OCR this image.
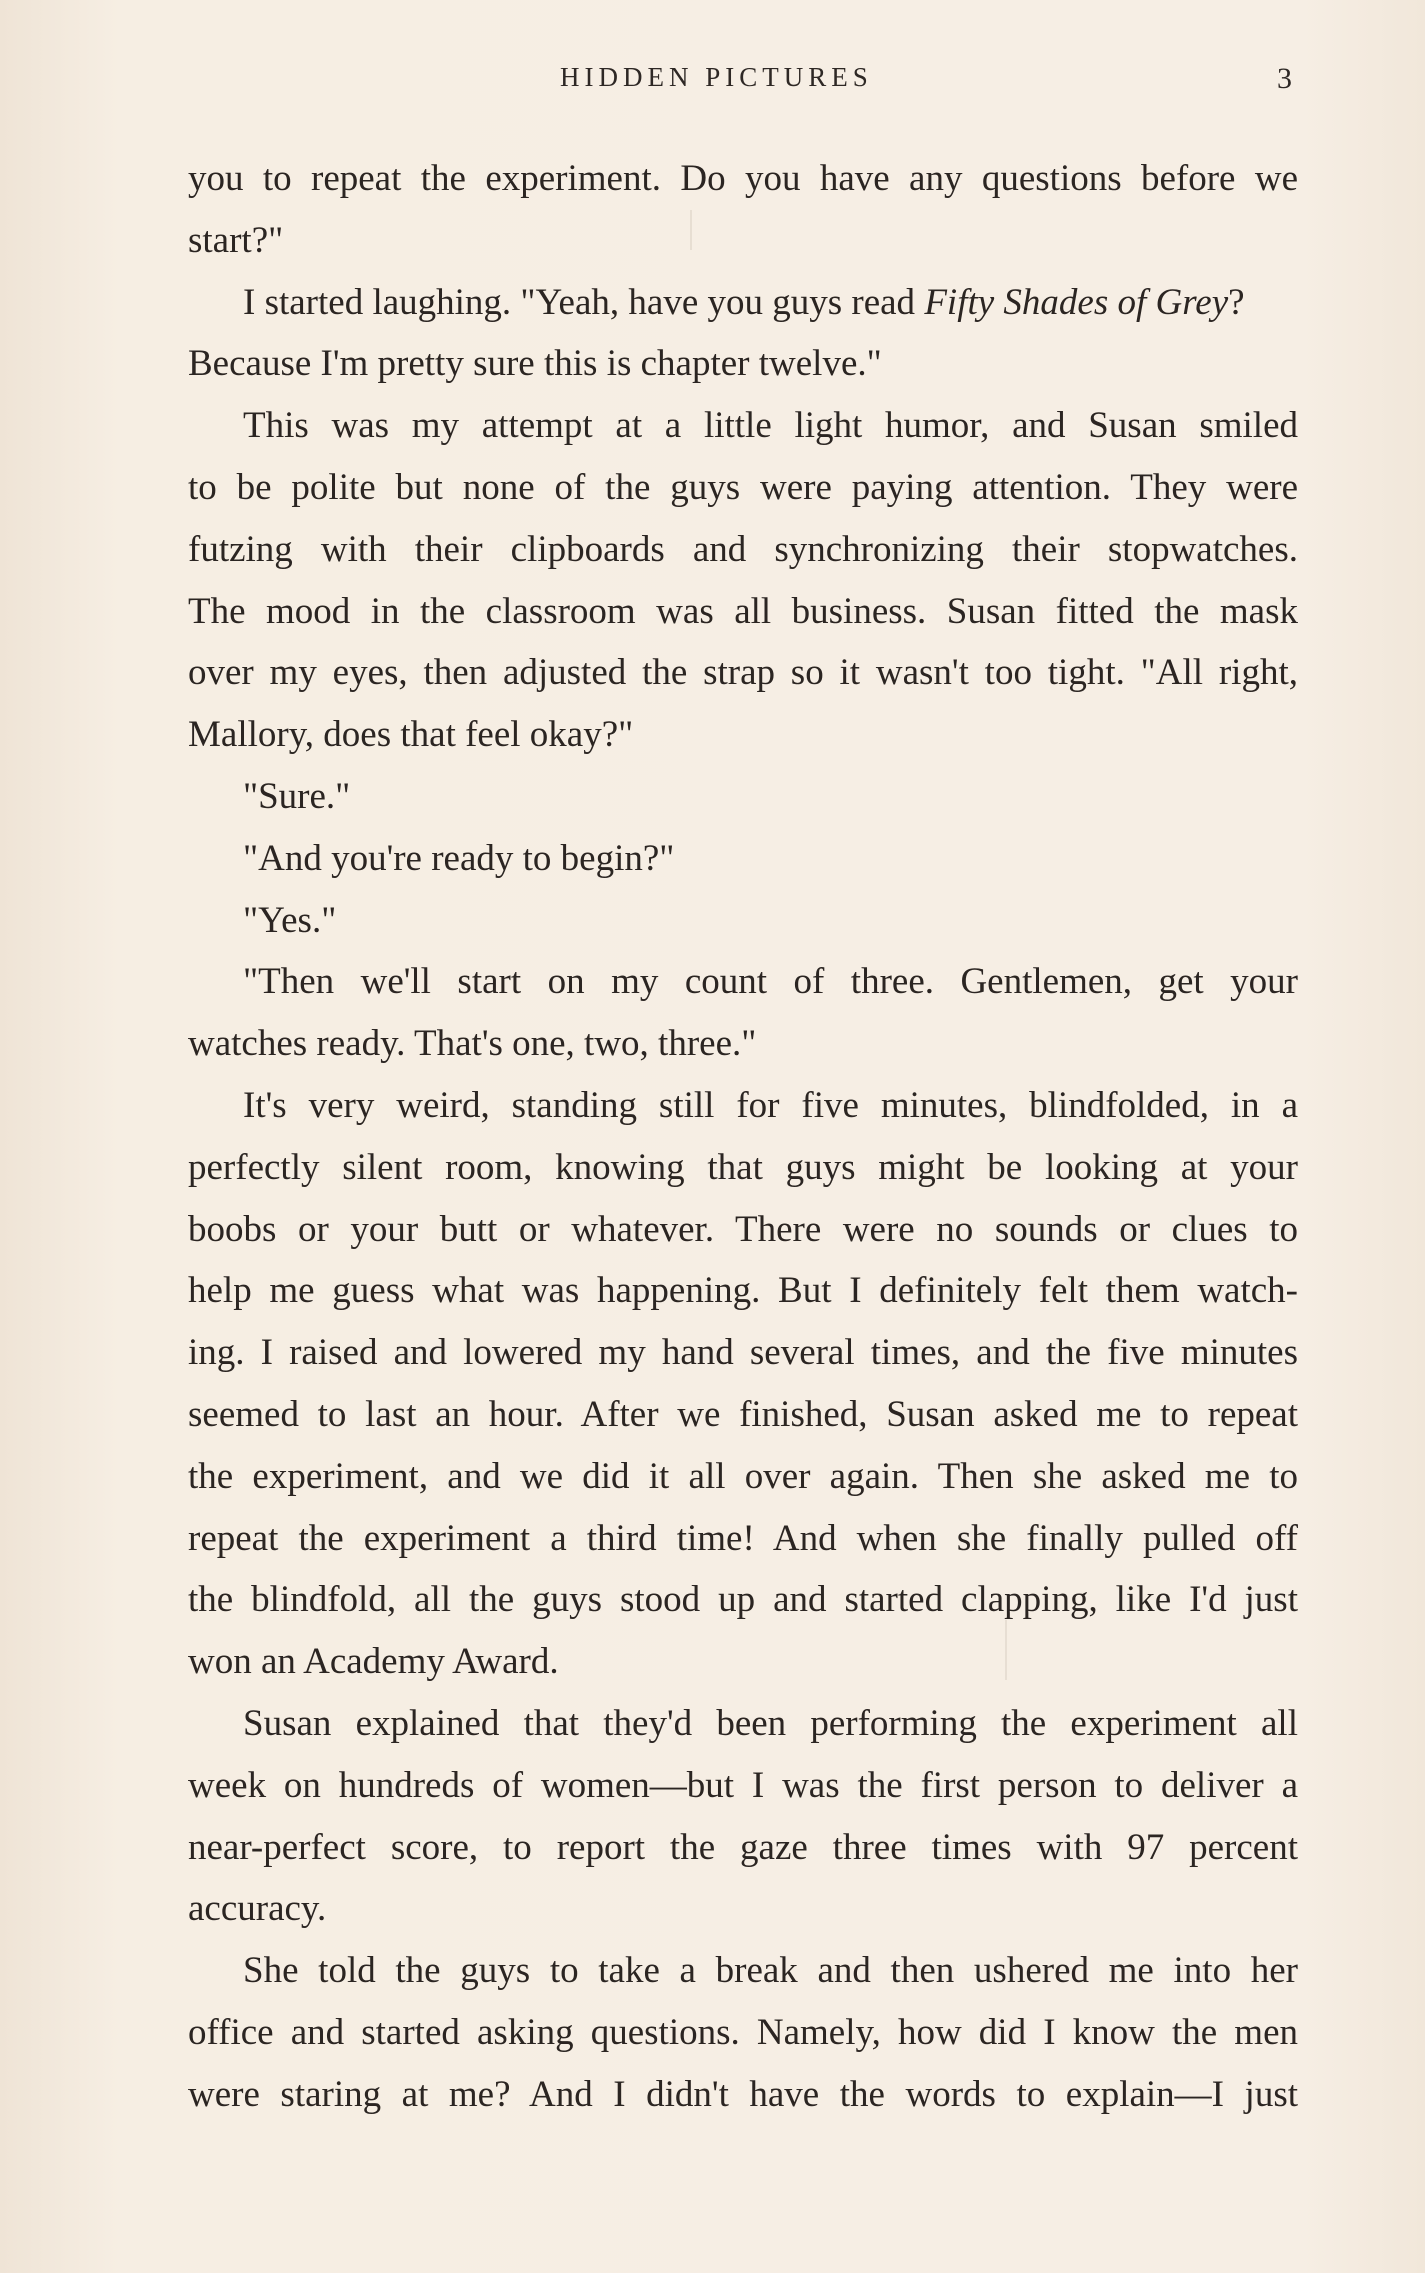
HIDDEN PICTURES	3
you to repeat the experiment. Do you have any questions before we
start?"
I started laughing. "Yeah, have you guys read Fifty Shades of Grey?
Because I'm pretty sure this is chapter twelve."
This was my attempt at a little light humor, and Susan smiled
to be polite but none of the guys were paying attention. They were
futzing with their clipboards and synchronizing their stopwatches.
The mood in the classroom was all business. Susan fitted the mask
over my eyes, then adjusted the strap so it wasn't too tight. "All right,
Mallory, does that feel okay?"
"Sure."
"And you're ready to begin?"
"Yes."
"Then we'll start on my count of three. Gentlemen, get your
watches ready. That's one, two, three."
It's very weird, standing still for five minutes, blindfolded, in a
perfectly silent room, knowing that guys might be looking at your
boobs or your butt or whatever. There were no sounds or clues to
help me guess what was happening. But I definitely felt them watch-
ing. I raised and lowered my hand several times, and the five minutes
seemed to last an hour. After we finished, Susan asked me to repeat
the experiment, and we did it all over again. Then she asked me to
repeat the experiment a third time! And when she finally pulled off
the blindfold, all the guys stood up and started clapping, like I'd just
won an Academy Award.
Susan explained that they'd been performing the experiment all
week on hundreds of women—but I was the first person to deliver a
near-perfect score, to report the gaze three times with 97 percent
accuracy.
She told the guys to take a break and then ushered me into her
office and started asking questions. Namely, how did I know the men
were staring at me? And I didn't have the words to explain—I just
